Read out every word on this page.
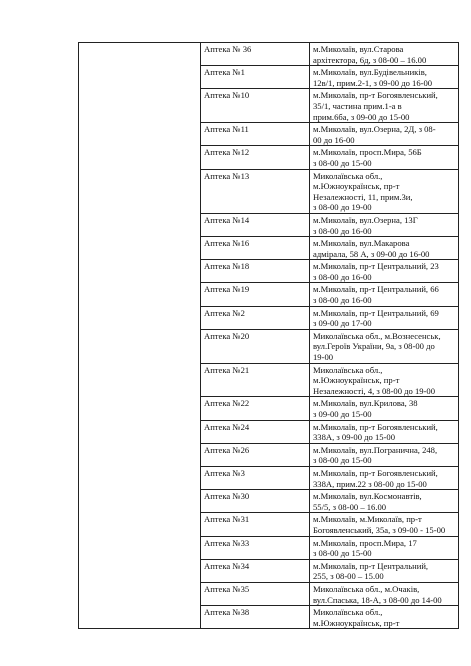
	Аптека № 36	м.Миколаїв, вул.Старова
архітектора, 6д, з 08-00 – 16.00
	Аптека №1	м.Миколаїв, вул.Будівельників,
12в/1, прим.2-1, з 09-00 до 16-00
	Аптека №10	м.Миколаїв, пр-т Богоявленський,
35/1, частина прим.1-а в
прим.6ба, з 09-00 до 15-00
	Аптека №11	м.Миколаїв, вул.Озерна, 2Д, з 08-
00 до 16-00
	Аптека №12	м.Миколаїв, просп.Мира, 56Б
з 08-00 до 15-00
	Аптека №13	Миколаївська обл.,
м.Южноукраїнськ, пр-т
Незалежності, 11, прим.3и,
з 08-00 до 19-00
	Аптека №14	м.Миколаїв, вул.Озерна, 13Г
з 08-00 до 16-00
	Аптека №16	м.Миколаїв, вул.Макарова
адмірала, 58 А, з 09-00 до 16-00
	Аптека №18	м.Миколаїв, пр-т Центральний, 23
з 08-00 до 16-00
	Аптека №19	м.Миколаїв, пр-т Центральний, 66
з 08-00 до 16-00
	Аптека №2	м.Миколаїв, пр-т Центральний, 69
з 09-00 до 17-00
	Аптека №20	Миколаївська обл., м.Вознесенськ,
вул.Героїв України, 9а, з 08-00 до
19-00
	Аптека №21	Миколаївська обл.,
м.Южноукраїнськ, пр-т
Незалежності, 4, з 08-00 до 19-00
	Аптека №22	м.Миколаїв, вул.Крилова, 38
з 09-00 до 15-00
	Аптека №24	м.Миколаїв, пр-т Богоявленський,
338А, з 09-00 до 15-00
	Аптека №26	м.Миколаїв, вул.Погранична, 248,
з 08-00 до 15-00
	Аптека №3	м.Миколаїв, пр-т Богоявленський,
338А, прим.22 з 08-00 до 15-00
	Аптека №30	м.Миколаїв, вул.Космонавтів,
55/5, з 08-00 – 16.00
	Аптека №31	м.Миколаїв, м.Миколаїв, пр-т
Богоявленський, 35а, з 09-00 - 15-00
	Аптека №33	м.Миколаїв, просп.Мира, 17
з 08-00 до 15-00
	Аптека №34	м.Миколаїв, пр-т Центральний,
255, з 08-00 – 15.00
	Аптека №35	Миколаївська обл., м.Очаків,
вул.Спаська, 18-А, з 08-00 до 14-00
	Аптека №38	Миколаївська обл.,
м.Южноукраїнськ, пр-т
